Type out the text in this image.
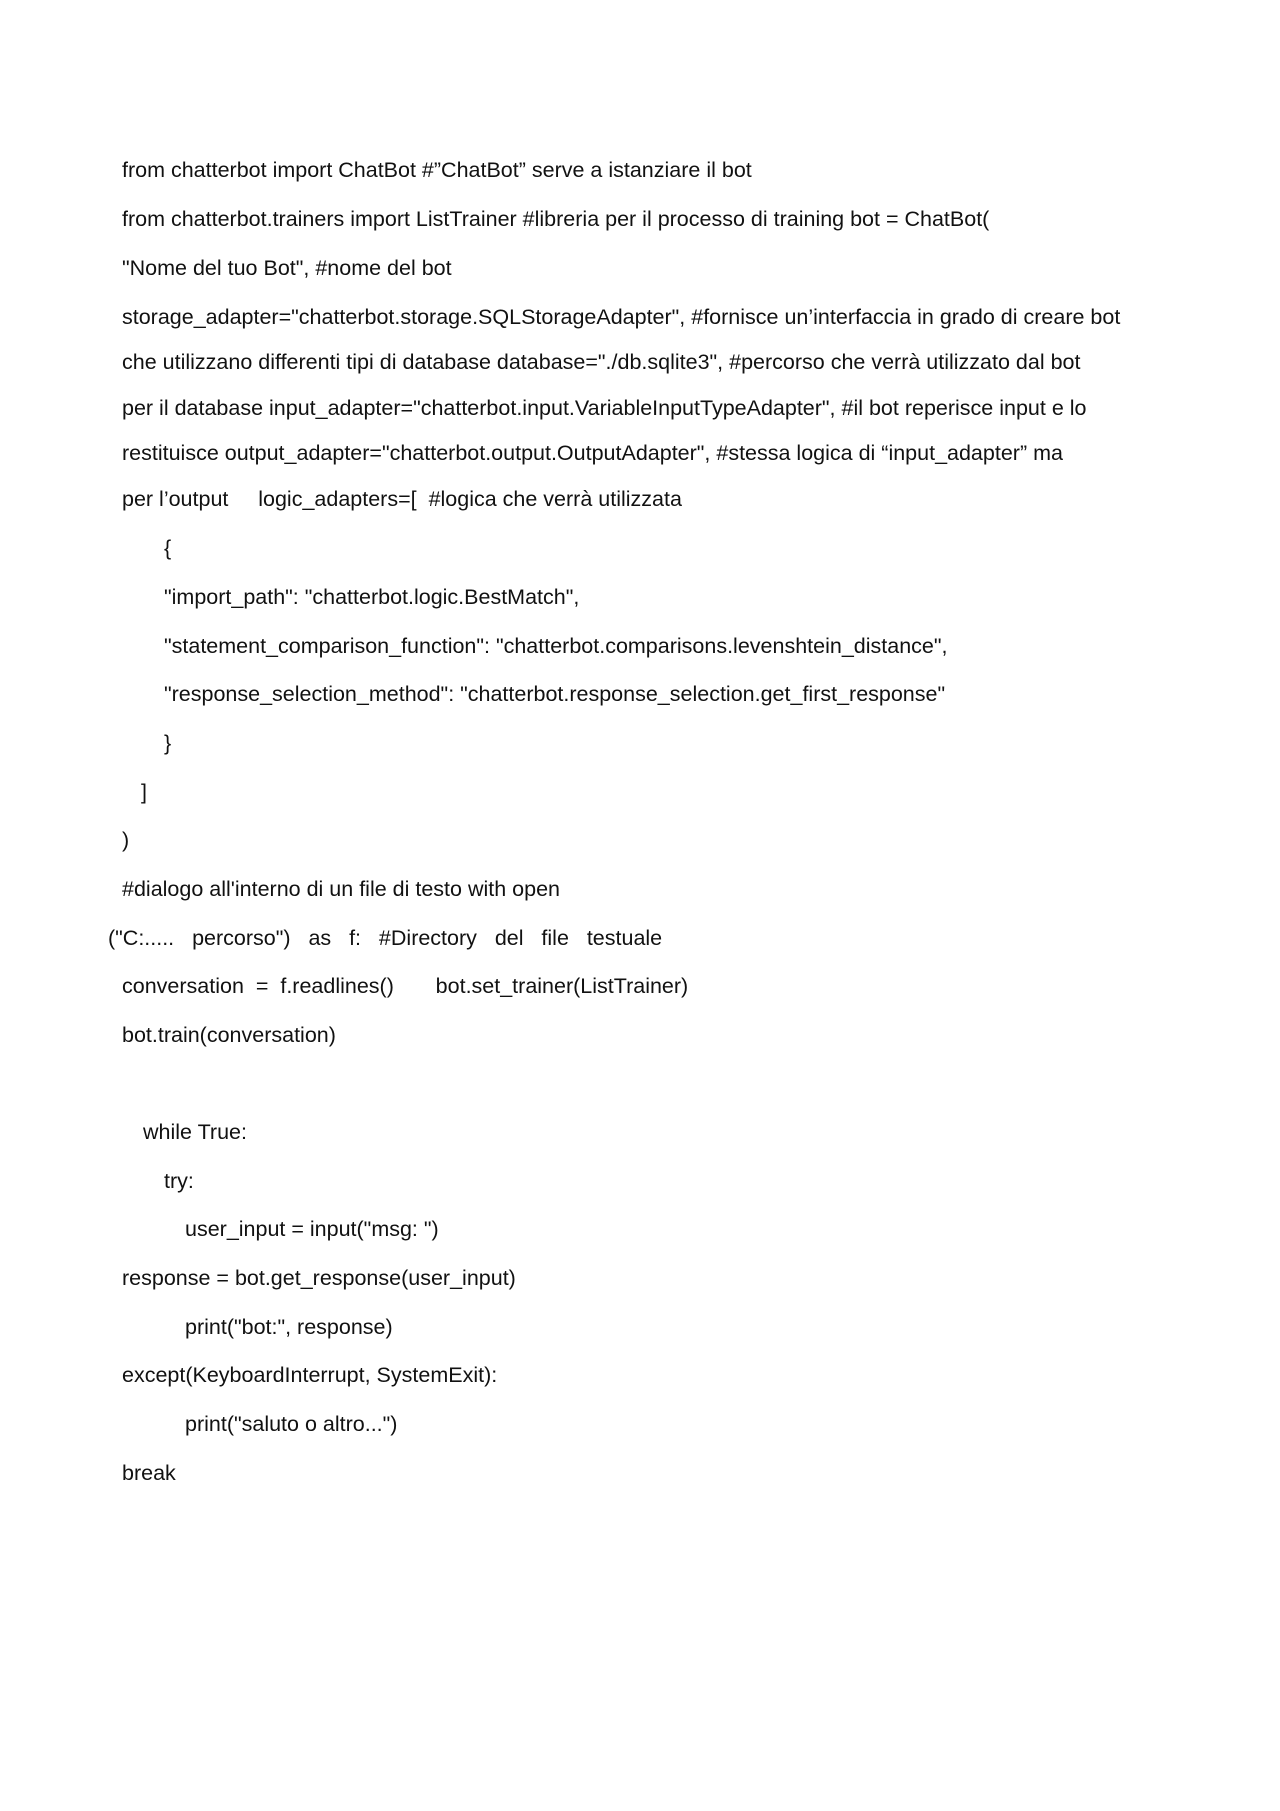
from chatterbot import ChatBot #”ChatBot” serve a istanziare il bot

from chatterbot.trainers import ListTrainer #libreria per il processo di training bot = ChatBot(

"Nome del tuo Bot", #nome del bot

storage_adapter="chatterbot.storage.SQLStorageAdapter", #fornisce un’interfaccia in grado di creare bot

che utilizzano differenti tipi di database database="./db.sqlite3", #percorso che verrà utilizzato dal bot

per il database input_adapter="chatterbot.input.VariableInputTypeAdapter", #il bot reperisce input e lo

restituisce output_adapter="chatterbot.output.OutputAdapter", #stessa logica di “input_adapter” ma

per l’output     logic_adapters=[  #logica che verrà utilizzata

{

"import_path": "chatterbot.logic.BestMatch",

"statement_comparison_function": "chatterbot.comparisons.levenshtein_distance",

"response_selection_method": "chatterbot.response_selection.get_first_response"

}

]

)

#dialogo all'interno di un file di testo with open

("C:.....   percorso")   as   f:   #Directory   del   file   testuale

conversation  =  f.readlines()       bot.set_trainer(ListTrainer)

bot.train(conversation)

while True:

try:

user_input = input("msg: ")

response = bot.get_response(user_input)

print("bot:", response)

except(KeyboardInterrupt, SystemExit):

print("saluto o altro...")

break
